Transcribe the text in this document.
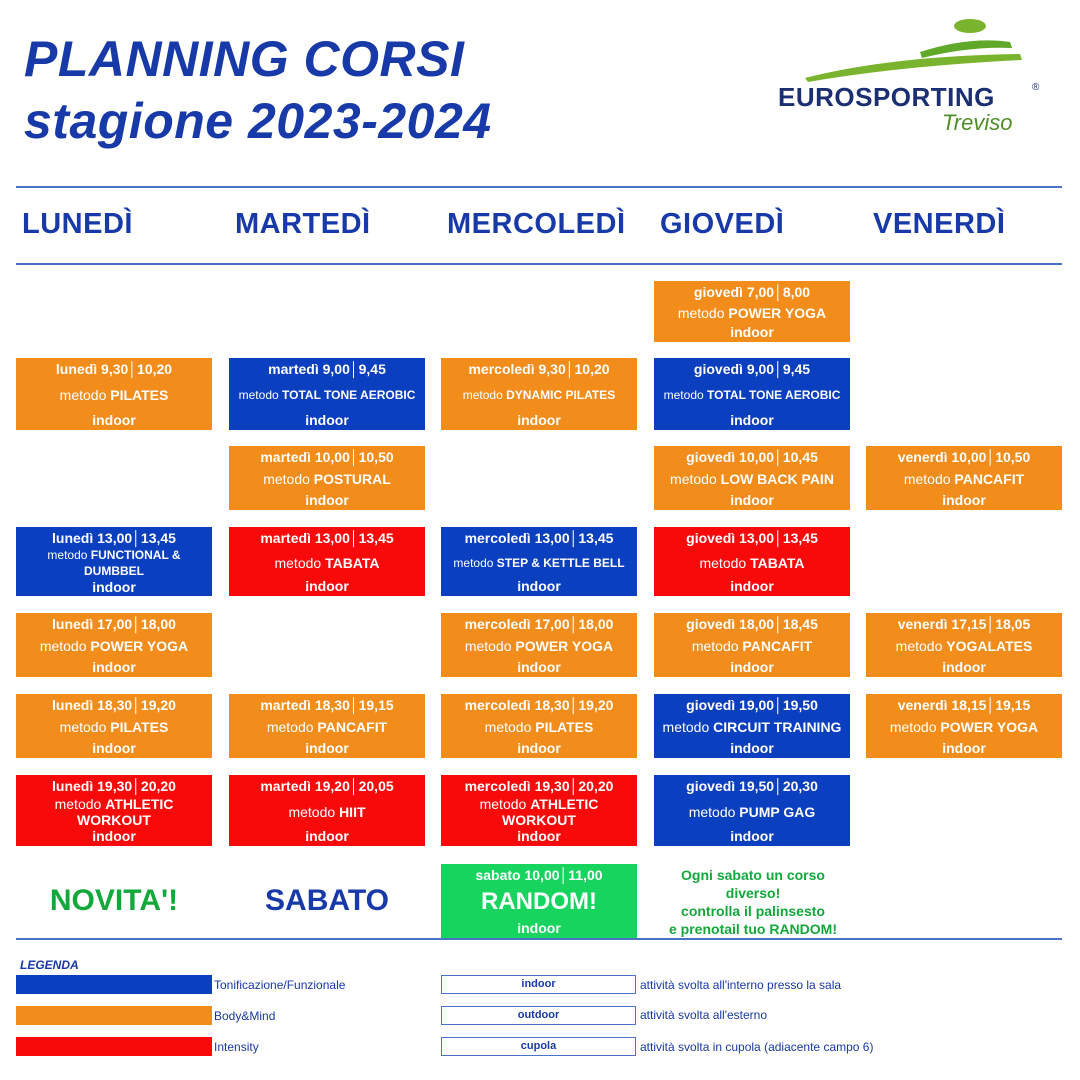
PLANNING CORSI
stagione 2023-2024	EUROSPORTING	®
Treviso
LUNEDÌ	MARTEDÌ	MERCOLEDÌ GIOVEDÌ	VENERDÌ
giovedì 7,00│8,00
metodo POWER YOGA
indoor
lunedì 9,30│10,20
metodo PILATES
indoor
martedì 9,00│9,45
metodo TOTAL TONE AEROBIC
indoor
mercoledì 9,30│10,20
metodo DYNAMIC PILATES
indoor
giovedì 9,00│9,45
metodo TOTAL TONE AEROBIC
indoor
martedì 10,00│10,50
metodo POSTURAL
indoor
giovedì 10,00│10,45
metodo LOW BACK PAIN
indoor
venerdì 10,00│10,50
metodo PANCAFIT
indoor
lunedì 13,00│13,45
metodo FUNCTIONAL & DUMBBEL
indoor
martedì 13,00│13,45
metodo TABATA
indoor
mercoledì 13,00│13,45
metodo STEP & KETTLE BELL
indoor
giovedì 13,00│13,45
metodo TABATA
indoor
lunedì 17,00│18,00
metodo POWER YOGA
indoor
mercoledì 17,00│18,00
metodo POWER YOGA
indoor
giovedì 18,00│18,45
metodo PANCAFIT
indoor
venerdì 17,15│18,05
metodo YOGALATES
indoor
lunedì 18,30│19,20
metodo PILATES
indoor
martedì 18,30│19,15
metodo PANCAFIT
indoor
mercoledì 18,30│19,20
metodo PILATES
indoor
giovedì 19,00│19,50
metodo CIRCUIT TRAINING
indoor
venerdì 18,15│19,15
metodo POWER YOGA
indoor
lunedì 19,30│20,20
metodo ATHLETIC WORKOUT
indoor
martedì 19,20│20,05
metodo HIIT
indoor
mercoledì 19,30│20,20
metodo ATHLETIC WORKOUT
indoor
giovedì 19,50│20,30
metodo PUMP GAG
indoor
NOVITA'!	SABATO
sabato 10,00│11,00
RANDOM!
indoor
Ogni sabato un corso
diverso!
controlla il palinsesto
e prenotail tuo RANDOM!
LEGENDA
Tonificazione/Funzionale
Body&Mind
Intensity
indoor	attività svolta all'interno presso la sala
outdoor	attività svolta all'esterno
cupola	attività svolta in cupola (adiacente campo 6)
